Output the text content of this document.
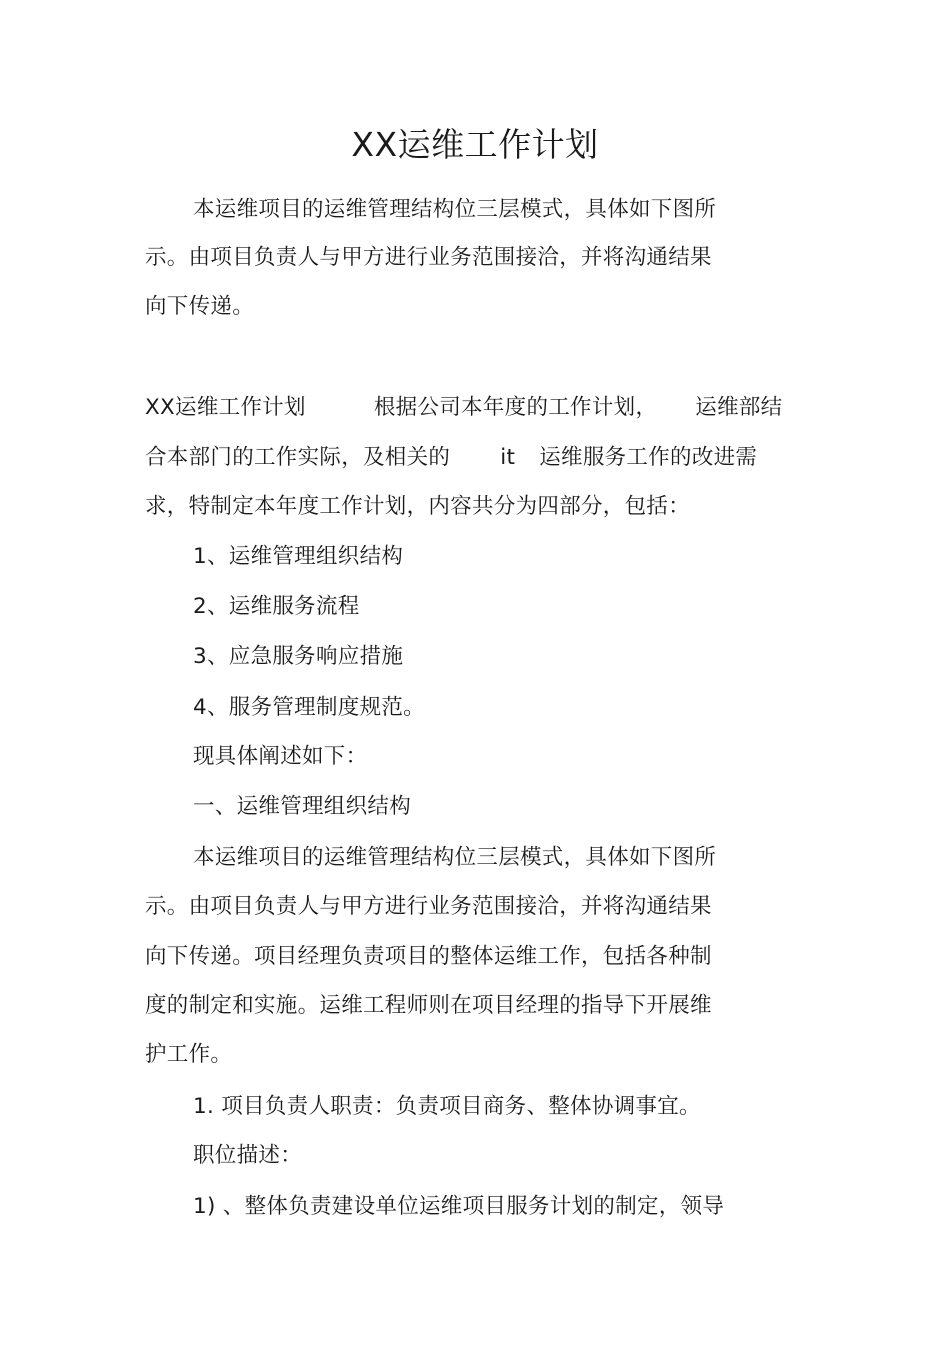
XX运维工作计划
本运维项目的运维管理结构位三层模式，具体如下图所
示。由项目负责人与甲方进行业务范围接洽，并将沟通结果
向下传递。
XX运维工作计划	根据公司本年度的工作计划， 运维部结
合本部门的工作实际，及相关的 it 运维服务工作的改进需
求，特制定本年度工作计划，内容共分为四部分，包括：
1、运维管理组织结构
2、运维服务流程
3、应急服务响应措施
4、服务管理制度规范。
现具体阐述如下：
一、运维管理组织结构
本运维项目的运维管理结构位三层模式，具体如下图所
示。由项目负责人与甲方进行业务范围接洽，并将沟通结果
向下传递。项目经理负责项目的整体运维工作，包括各种制
度的制定和实施。运维工程师则在项目经理的指导下开展维
护工作。
1. 项目负责人职责：负责项目商务、整体协调事宜。
职位描述：
1) 、整体负责建设单位运维项目服务计划的制定，领导
